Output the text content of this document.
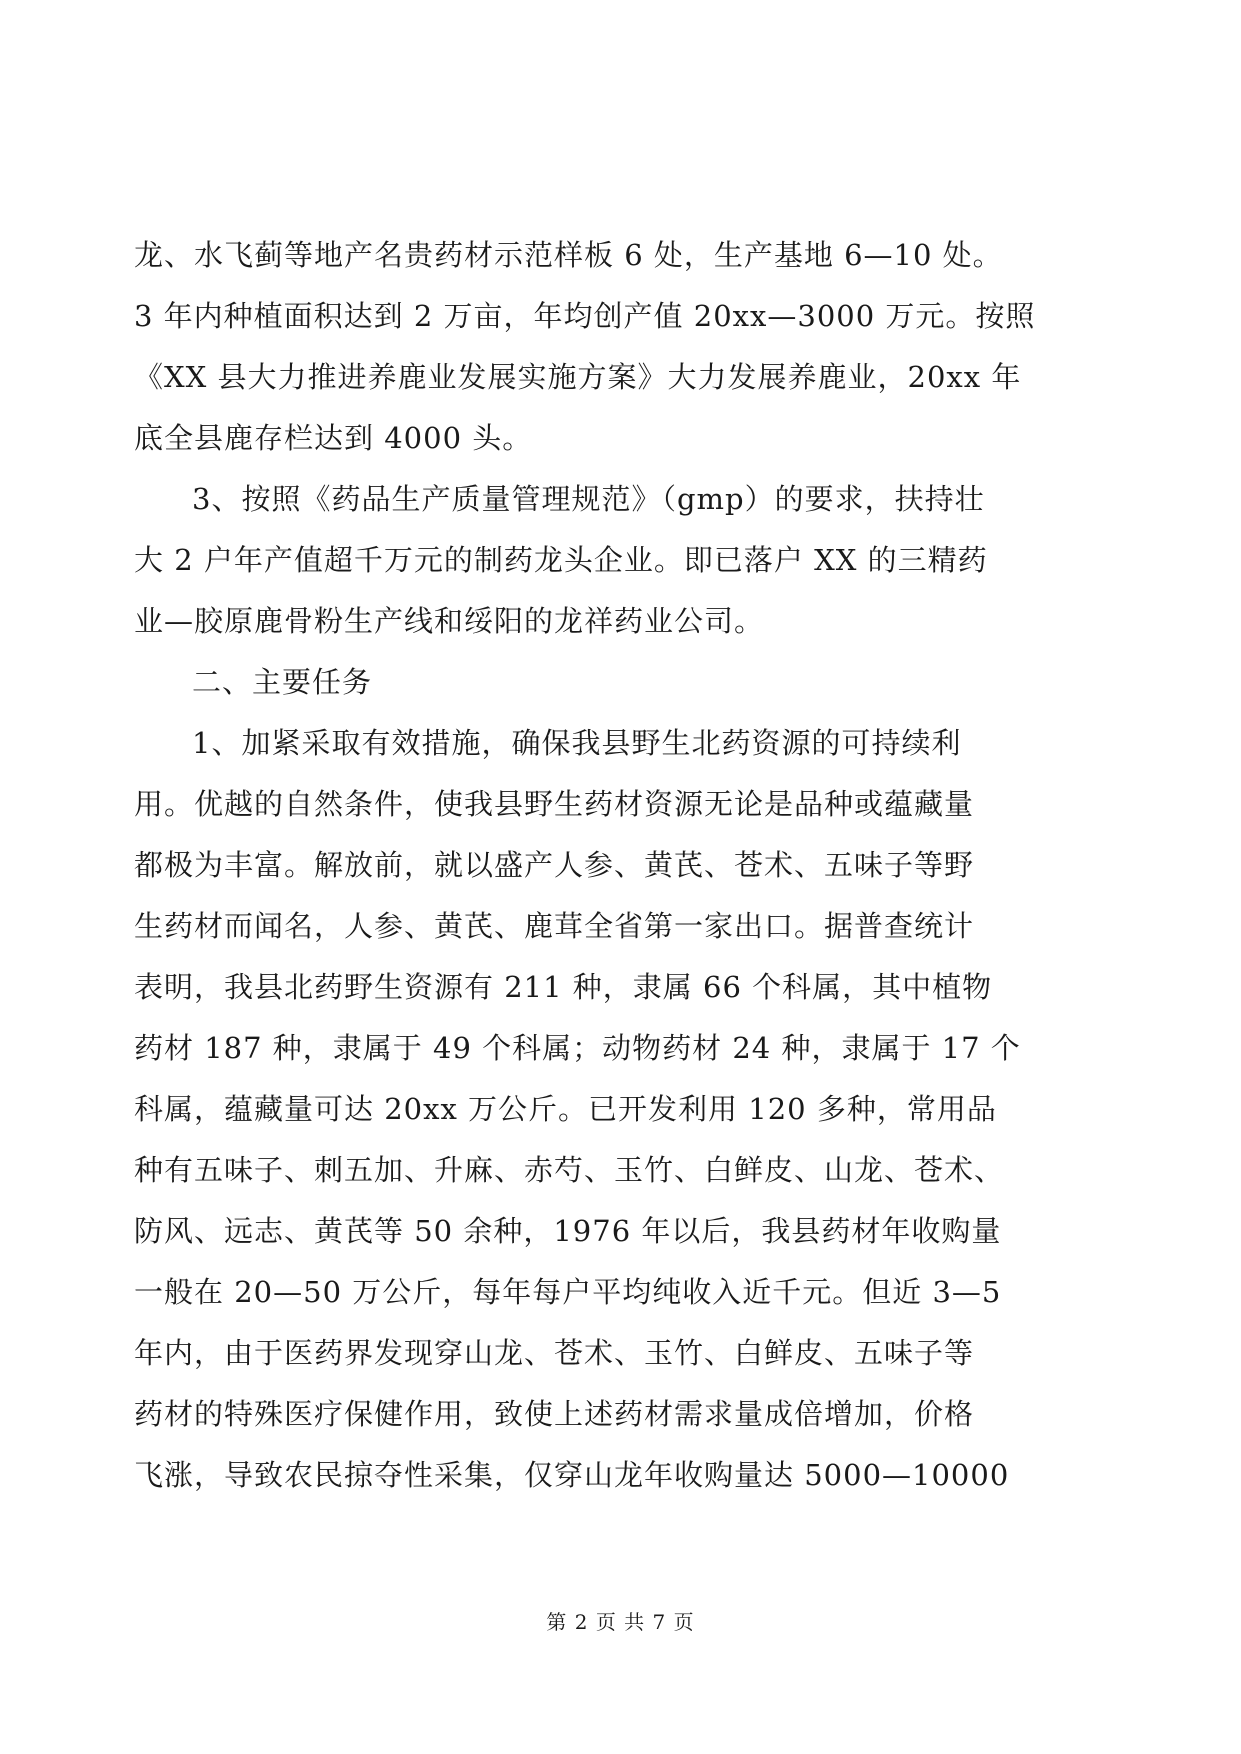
龙、水飞蓟等地产名贵药材示范样板 6 处，生产基地 6—10 处。
3 年内种植面积达到 2 万亩，年均创产值 20xx—3000 万元。按照
《XX 县大力推进养鹿业发展实施方案》大力发展养鹿业，20xx 年
底全县鹿存栏达到 4000 头。
3、按照《药品生产质量管理规范》（gmp）的要求，扶持壮
大 2 户年产值超千万元的制药龙头企业。即已落户 XX 的三精药
业—胶原鹿骨粉生产线和绥阳的龙祥药业公司。
二、主要任务
1、加紧采取有效措施，确保我县野生北药资源的可持续利
用。优越的自然条件，使我县野生药材资源无论是品种或蕴藏量
都极为丰富。解放前，就以盛产人参、黄芪、苍术、五味子等野
生药材而闻名，人参、黄芪、鹿茸全省第一家出口。据普查统计
表明，我县北药野生资源有 211 种，隶属 66 个科属，其中植物
药材 187 种，隶属于 49 个科属；动物药材 24 种，隶属于 17 个
科属，蕴藏量可达 20xx 万公斤。已开发利用 120 多种，常用品
种有五味子、刺五加、升麻、赤芍、玉竹、白鲜皮、山龙、苍术、
防风、远志、黄芪等 50 余种，1976 年以后，我县药材年收购量
一般在 20—50 万公斤，每年每户平均纯收入近千元。但近 3—5
年内，由于医药界发现穿山龙、苍术、玉竹、白鲜皮、五味子等
药材的特殊医疗保健作用，致使上述药材需求量成倍增加，价格
飞涨，导致农民掠夺性采集，仅穿山龙年收购量达 5000—10000
第 2 页 共 7 页
